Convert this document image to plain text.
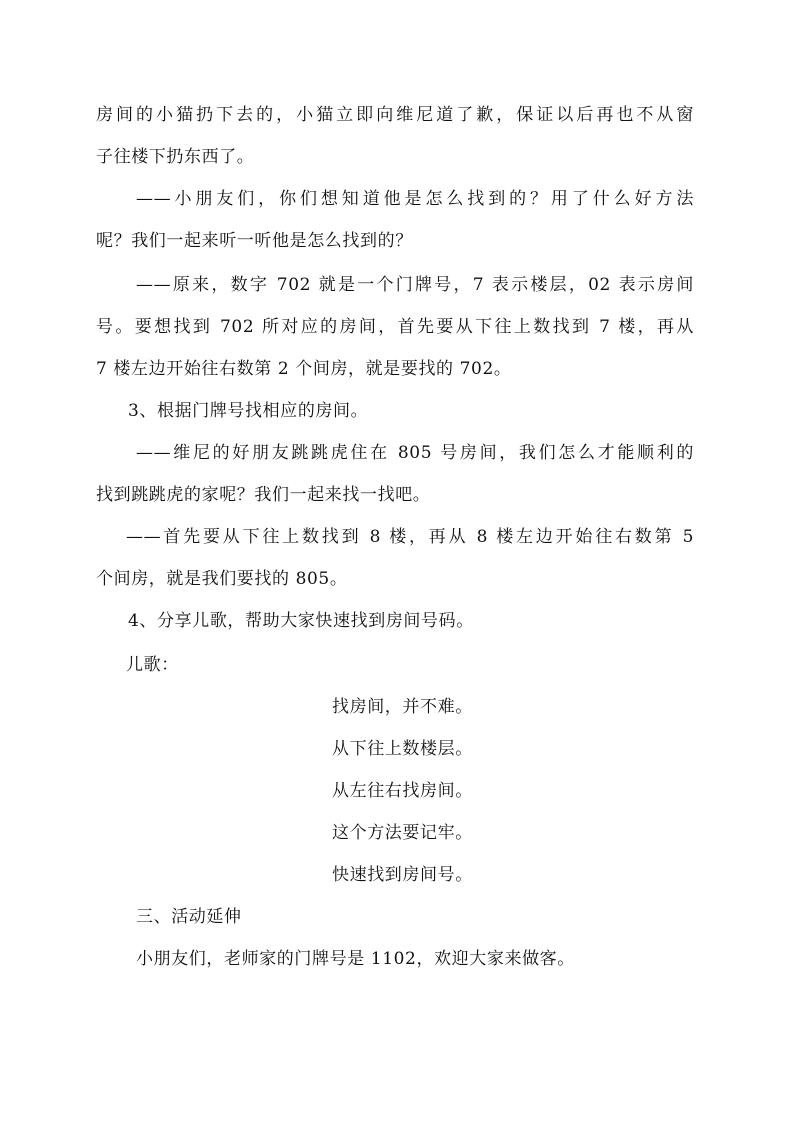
房间的小猫扔下去的，小猫立即向维尼道了歉，保证以后再也不从窗
子往楼下扔东西了。
——小朋友们，你们想知道他是怎么找到的？用了什么好方法
呢？我们一起来听一听他是怎么找到的？
——原来，数字 702 就是一个门牌号，7 表示楼层，02 表示房间
号。要想找到 702 所对应的房间，首先要从下往上数找到 7 楼，再从
7 楼左边开始往右数第 2 个间房，就是要找的 702。
3、根据门牌号找相应的房间。
——维尼的好朋友跳跳虎住在 805 号房间，我们怎么才能顺利的
找到跳跳虎的家呢？我们一起来找一找吧。
——首先要从下往上数找到 8 楼，再从 8 楼左边开始往右数第 5
个间房，就是我们要找的 805。
4、分享儿歌，帮助大家快速找到房间号码。
儿歌：
找房间，并不难。
从下往上数楼层。
从左往右找房间。
这个方法要记牢。
快速找到房间号。
三、活动延伸
小朋友们，老师家的门牌号是 1102，欢迎大家来做客。
